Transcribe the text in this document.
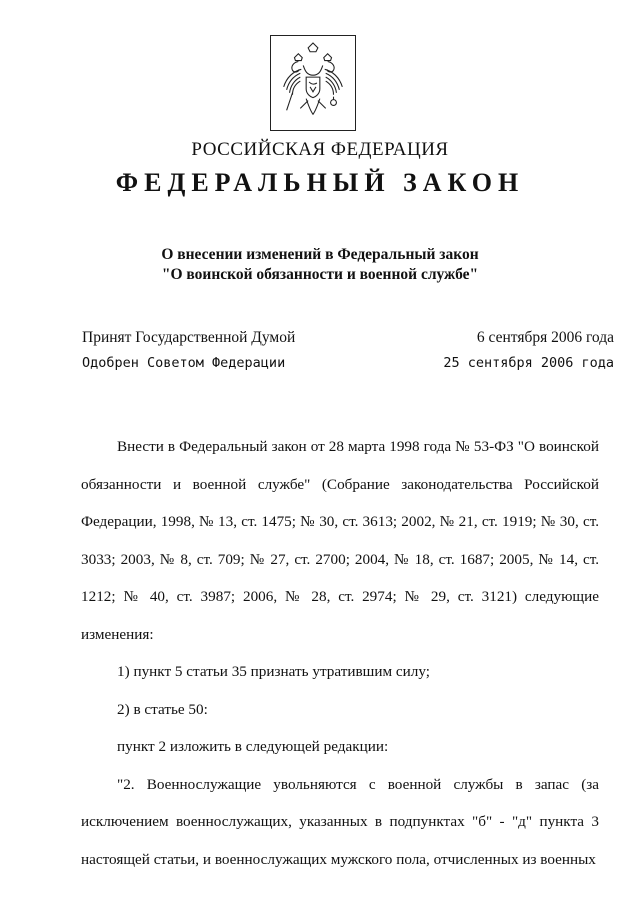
РОССИЙСКАЯ ФЕДЕРАЦИЯ
ФЕДЕРАЛЬНЫЙ ЗАКОН
О внесении изменений в Федеральный закон
"О воинской обязанности и военной службе"
Принят Государственной Думой	6 сентября 2006 года
Одобрен Советом Федерации	25 сентября 2006 года

Внести в Федеральный закон от 28 марта 1998 года № 53-ФЗ "О воинской обязанности и военной службе" (Собрание законодательства Российской Федерации, 1998, № 13, ст. 1475; № 30, ст. 3613; 2002, № 21, ст. 1919; № 30, ст. 3033; 2003, № 8, ст. 709; № 27, ст. 2700; 2004, № 18, ст. 1687; 2005, № 14, ст. 1212; № 40, ст. 3987; 2006, № 28, ст. 2974; № 29, ст. 3121) следующие изменения:

1) пункт 5 статьи 35 признать утратившим силу;

2) в статье 50:

пункт 2 изложить в следующей редакции:

"2. Военнослужащие увольняются с военной службы в запас (за исключением военнослужащих, указанных в подпунктах "б" - "д" пункта 3 настоящей статьи, и военнослужащих мужского пола, отчисленных из военных
